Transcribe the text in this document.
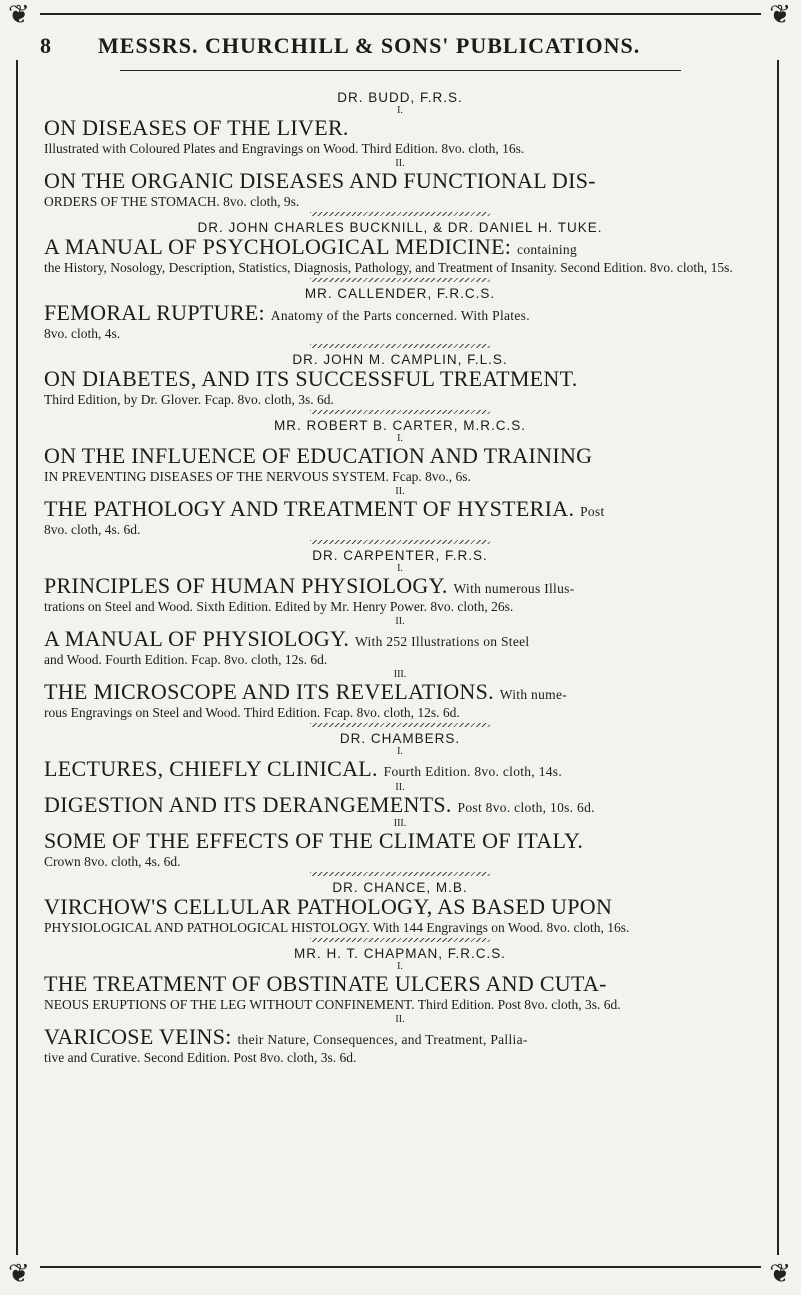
❦	❦
❦	❦
8	MESSRS. CHURCHILL & SONS' PUBLICATIONS.
DR. BUDD, F.R.S.
I.
ON DISEASES OF THE LIVER.
Illustrated with Coloured Plates and Engravings on Wood. Third Edition. 8vo. cloth, 16s.
II.
ON THE ORGANIC DISEASES AND FUNCTIONAL DIS-
ORDERS OF THE STOMACH. 8vo. cloth, 9s.
DR. JOHN CHARLES BUCKNILL, & DR. DANIEL H. TUKE.
A MANUAL OF PSYCHOLOGICAL MEDICINE: containing
the History, Nosology, Description, Statistics, Diagnosis, Pathology, and Treatment of Insanity. Second Edition. 8vo. cloth, 15s.
MR. CALLENDER, F.R.C.S.
FEMORAL RUPTURE: Anatomy of the Parts concerned. With Plates.
8vo. cloth, 4s.
DR. JOHN M. CAMPLIN, F.L.S.
ON DIABETES, AND ITS SUCCESSFUL TREATMENT.
Third Edition, by Dr. Glover. Fcap. 8vo. cloth, 3s. 6d.
MR. ROBERT B. CARTER, M.R.C.S.
I.
ON THE INFLUENCE OF EDUCATION AND TRAINING
IN PREVENTING DISEASES OF THE NERVOUS SYSTEM. Fcap. 8vo., 6s.
II.
THE PATHOLOGY AND TREATMENT OF HYSTERIA. Post
8vo. cloth, 4s. 6d.
DR. CARPENTER, F.R.S.
I.
PRINCIPLES OF HUMAN PHYSIOLOGY. With numerous Illus-
trations on Steel and Wood. Sixth Edition. Edited by Mr. Henry Power. 8vo. cloth, 26s.
II.
A MANUAL OF PHYSIOLOGY. With 252 Illustrations on Steel
and Wood. Fourth Edition. Fcap. 8vo. cloth, 12s. 6d.
III.
THE MICROSCOPE AND ITS REVELATIONS. With nume-
rous Engravings on Steel and Wood. Third Edition. Fcap. 8vo. cloth, 12s. 6d.
DR. CHAMBERS.
I.
LECTURES, CHIEFLY CLINICAL. Fourth Edition. 8vo. cloth, 14s.
II.
DIGESTION AND ITS DERANGEMENTS. Post 8vo. cloth, 10s. 6d.
III.
SOME OF THE EFFECTS OF THE CLIMATE OF ITALY.
Crown 8vo. cloth, 4s. 6d.
DR. CHANCE, M.B.
VIRCHOW'S CELLULAR PATHOLOGY, AS BASED UPON
PHYSIOLOGICAL AND PATHOLOGICAL HISTOLOGY. With 144 Engravings on Wood. 8vo. cloth, 16s.
MR. H. T. CHAPMAN, F.R.C.S.
I.
THE TREATMENT OF OBSTINATE ULCERS AND CUTA-
NEOUS ERUPTIONS OF THE LEG WITHOUT CONFINEMENT. Third Edition. Post 8vo. cloth, 3s. 6d.
II.
VARICOSE VEINS: their Nature, Consequences, and Treatment, Pallia-
tive and Curative. Second Edition. Post 8vo. cloth, 3s. 6d.
